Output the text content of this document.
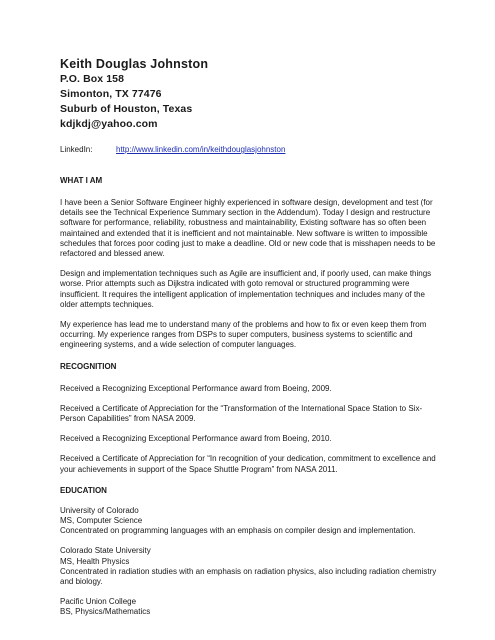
Keith Douglas Johnston

P.O. Box 158

Simonton, TX 77476

Suburb of Houston, Texas

kdjkdj@yahoo.com

LinkedIn:	http://www.linkedin.com/in/keithdouglasjohnston

WHAT I AM

I have been a Senior Software Engineer highly experienced in software design, development and test (for details see the Technical Experience Summary section in the Addendum). Today I design and restructure software for performance, reliability, robustness and maintainability, Existing software has so often been maintained and extended that it is inefficient and not maintainable. New software is written to impossible schedules that forces poor coding just to make a deadline. Old or new code that is misshapen needs to be refactored and blessed anew.

Design and implementation techniques such as Agile are insufficient and, if poorly used, can make things worse. Prior attempts such as Dijkstra indicated with goto removal or structured programming were insufficient. It requires the intelligent application of implementation techniques and includes many of the older attempts techniques.

My experience has lead me to understand many of the problems and how to fix or even keep them from occurring. My experience ranges from DSPs to super computers, business systems to scientific and engineering systems, and a wide selection of computer languages.

RECOGNITION

Received a Recognizing Exceptional Performance award from Boeing, 2009.

Received a Certificate of Appreciation for the “Transformation of the International Space Station to Six-Person Capabilities” from NASA 2009.

Received a Recognizing Exceptional Performance award from Boeing, 2010.

Received a Certificate of Appreciation for “In recognition of your dedication, commitment to excellence and your achievements in support of the Space Shuttle Program” from NASA 2011.

EDUCATION

University of Colorado

MS, Computer Science

Concentrated on programming languages with an emphasis on compiler design and implementation.

Colorado State University

MS, Health Physics

Concentrated in radiation studies with an emphasis on radiation physics, also including radiation chemistry and biology.

Pacific Union College

BS, Physics/Mathematics
